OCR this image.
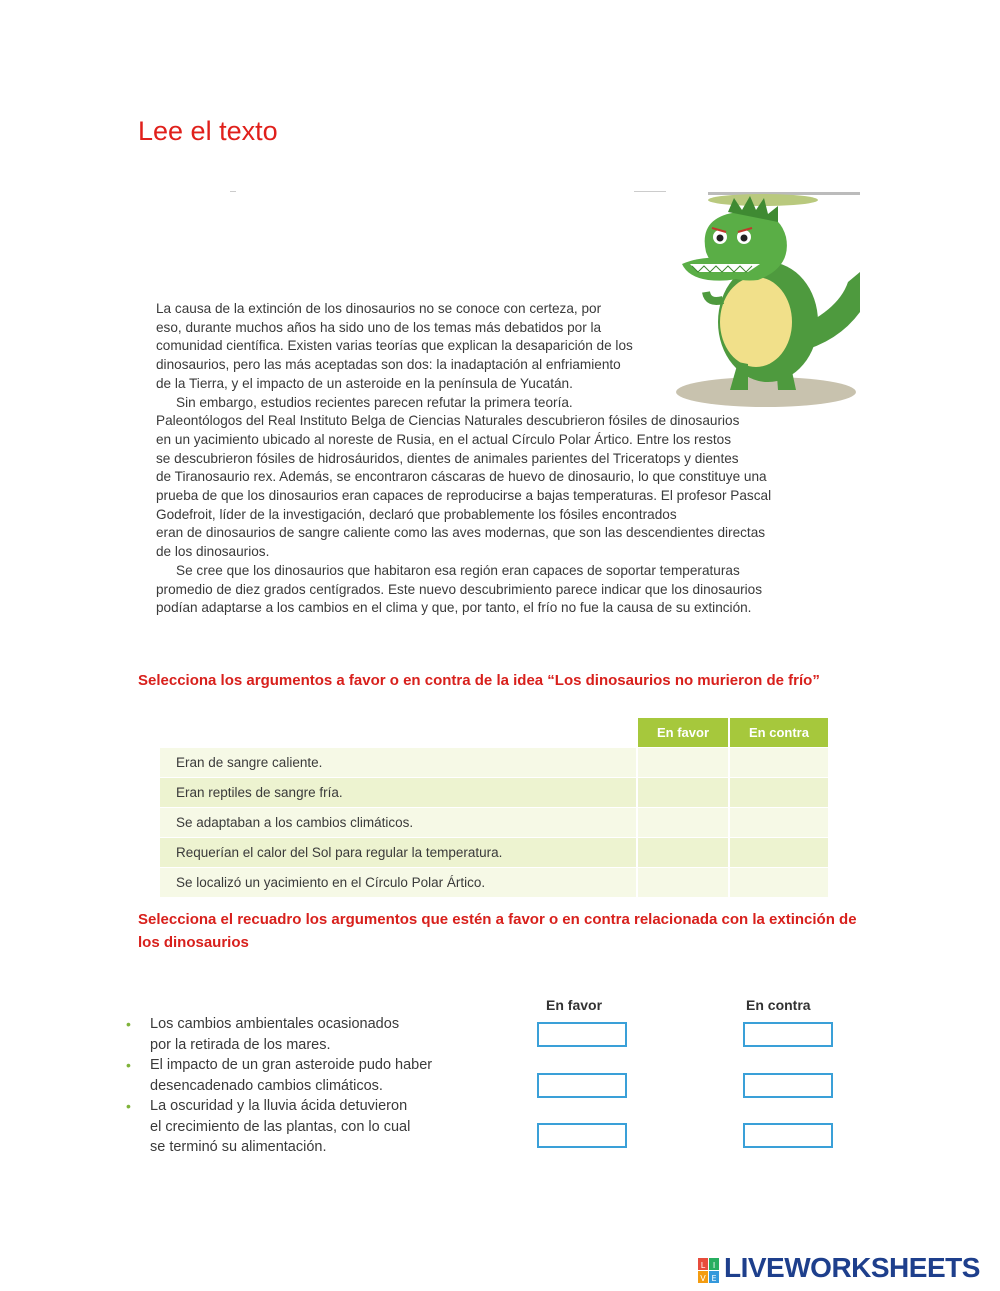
Lee el texto
La causa de la extinción de los dinosaurios no se conoce con certeza, por
eso, durante muchos años ha sido uno de los temas más debatidos por la
comunidad científica. Existen varias teorías que explican la desaparición de los
dinosaurios, pero las más aceptadas son dos: la inadaptación al enfriamiento
de la Tierra, y el impacto de un asteroide en la península de Yucatán.
Sin embargo, estudios recientes parecen refutar la primera teoría.
Paleontólogos del Real Instituto Belga de Ciencias Naturales descubrieron fósiles de dinosaurios
en un yacimiento ubicado al noreste de Rusia, en el actual Círculo Polar Ártico. Entre los restos
se descubrieron fósiles de hidrosáuridos, dientes de animales parientes del Triceratops y dientes
de Tiranosaurio rex. Además, se encontraron cáscaras de huevo de dinosaurio, lo que constituye una
prueba de que los dinosaurios eran capaces de reproducirse a bajas temperaturas. El profesor Pascal
Godefroit, líder de la investigación, declaró que probablemente los fósiles encontrados
eran de dinosaurios de sangre caliente como las aves modernas, que son las descendientes directas
de los dinosaurios.
Se cree que los dinosaurios que habitaron esa región eran capaces de soportar temperaturas
promedio de diez grados centígrados. Este nuevo descubrimiento parece indicar que los dinosaurios
podían adaptarse a los cambios en el clima y que, por tanto, el frío no fue la causa de su extinción.
Selecciona los argumentos a favor o en contra de la idea “Los dinosaurios no murieron de frío”
En favor	En contra
Eran de sangre caliente.
Eran reptiles de sangre fría.
Se adaptaban a los cambios climáticos.
Requerían el calor del Sol para regular la temperatura.
Se localizó un yacimiento en el Círculo Polar Ártico.
Selecciona el recuadro los argumentos que estén a favor o en contra relacionada con la extinción de los dinosaurios
En favor	En contra
• Los cambios ambientales ocasionados
por la retirada de los mares.
• El impacto de un gran asteroide pudo haber
desencadenado cambios climáticos.
• La oscuridad y la lluvia ácida detuvieron
el crecimiento de las plantas, con lo cual
se terminó su alimentación.
L I
V E LIVEWORKSHEETS
